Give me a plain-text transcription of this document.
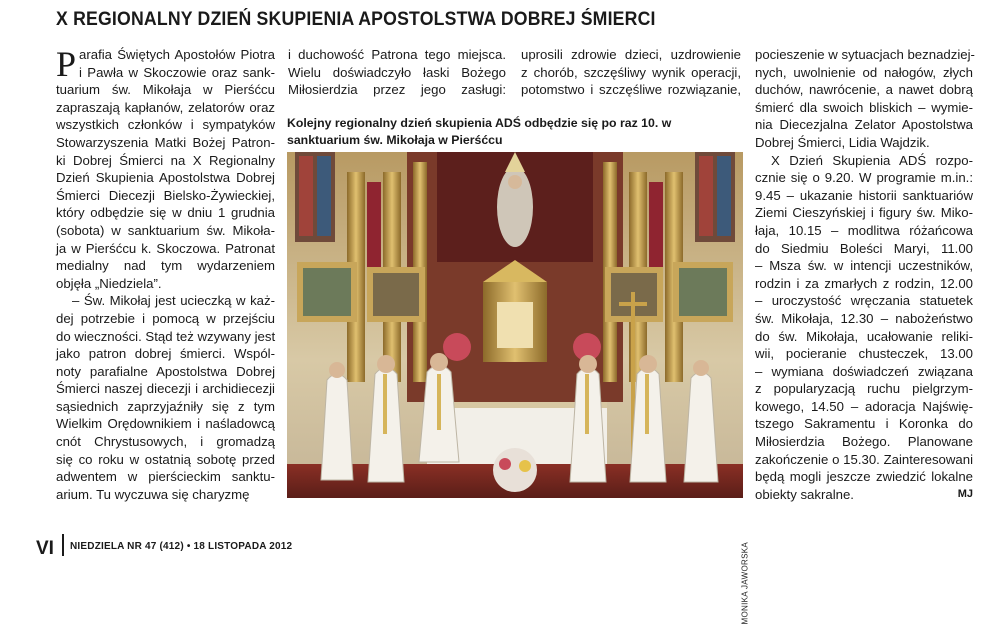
X REGIONALNY DZIEŃ SKUPIENIA APOSTOLSTWA DOBREJ ŚMIERCI
P arafia Świętych Apostołów Piotra
i Pawła w Skoczowie oraz sank-
tuarium św. Mikołaja w Pierśćcu
zapraszają kapłanów, zelatorów oraz
wszystkich członków i sympatyków
Stowarzyszenia Matki Bożej Patron-
ki Dobrej Śmierci na X Regionalny
Dzień Skupienia Apostolstwa Dobrej
Śmierci Diecezji Bielsko-Żywieckiej,
który odbędzie się w dniu 1 grudnia
(sobota) w sanktuarium św. Mikoła-
ja w Pierśćcu k. Skoczowa. Patronat
medialny nad tym wydarzeniem
objęła „Niedziela”.
– Św. Mikołaj jest ucieczką w każ-
dej potrzebie i pomocą w przejściu
do wieczności. Stąd też wzywany jest
jako patron dobrej śmierci. Wspól-
noty parafialne Apostolstwa Dobrej
Śmierci naszej diecezji i archidiecezji
sąsiednich zaprzyjaźniły się z tym
Wielkim Orędownikiem i naśladowcą
cnót Chrystusowych, i gromadzą
się co roku w ostatnią sobotę przed
adwentem w pierścieckim sanktu-
arium. Tu wyczuwa się charyzmę
i duchowość Patrona tego miejsca.
Wielu doświadczyło łaski Bożego
Miłosierdzia przez jego zasługi:
uprosili zdrowie dzieci, uzdrowienie
z chorób, szczęśliwy wynik operacji,
potomstwo i szczęśliwe rozwiązanie,
Kolejny regionalny dzień skupienia ADŚ odbędzie się po raz 10. w sanktuarium św. Mikołaja w Pierśćcu
MONIKA JAWORSKA
pocieszenie w sytuacjach beznadziej-
nych, uwolnienie od nałogów, złych
duchów, nawrócenie, a nawet dobrą
śmierć dla swoich bliskich – wymie-
nia Diecezjalna Zelator Apostolstwa
Dobrej Śmierci, Lidia Wajdzik.
X Dzień Skupienia ADŚ rozpo-
cznie się o 9.20. W programie m.in.:
9.45 – ukazanie historii sanktuariów
Ziemi Cieszyńskiej i figury św. Miko-
łaja, 10.15 – modlitwa różańcowa
do Siedmiu Boleści Maryi, 11.00
– Msza św. w intencji uczestników,
rodzin i za zmarłych z rodzin, 12.00
– uroczystość wręczania statuetek
św. Mikołaja, 12.30 – nabożeństwo
do św. Mikołaja, ucałowanie reliki-
wii, pocieranie chusteczek, 13.00
– wymiana doświadczeń związana
z popularyzacją ruchu pielgrzym-
kowego, 14.50 – adoracja Najświę-
tszego Sakramentu i Koronka do
Miłosierdzia Bożego. Planowane
zakończenie o 15.30. Zainteresowani
będą mogli jeszcze zwiedzić lokalne
obiekty sakralne.	MJ
VI NIEDZIELA NR 47 (412) • 18 LISTOPADA 2012
